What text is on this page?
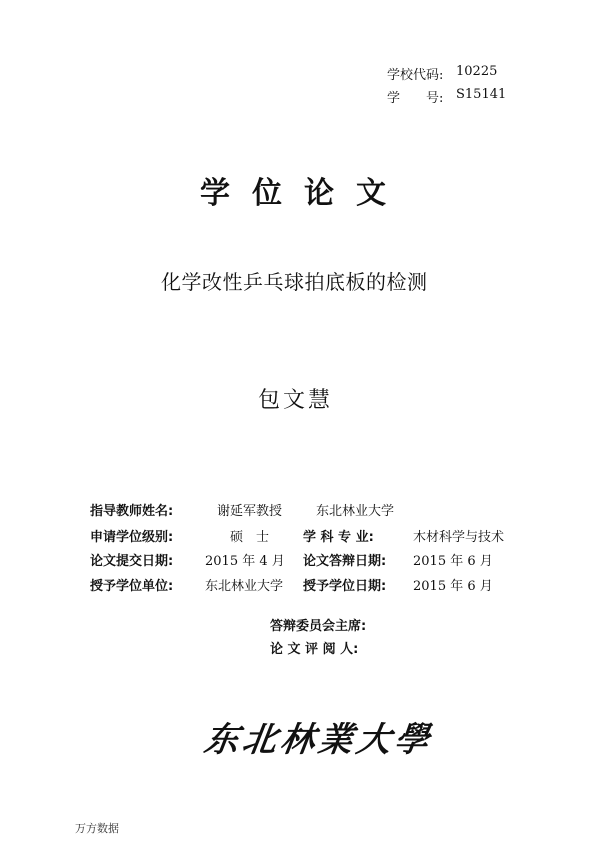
学校代码: 10225
学　　号: S15141
学位论文
化学改性乒乓球拍底板的检测
包文慧
指导教师姓名:	谢延军教授	东北林业大学
申请学位级别:	硕　士	学 科 专 业:	木材科学与技术
论文提交日期: 2015 年 4 月 论文答辩日期: 2015 年 6 月
授予学位单位: 东北林业大学 授予学位日期: 2015 年 6 月
答辩委员会主席:
论 文 评 阅 人:
东北林業大學
万方数据
